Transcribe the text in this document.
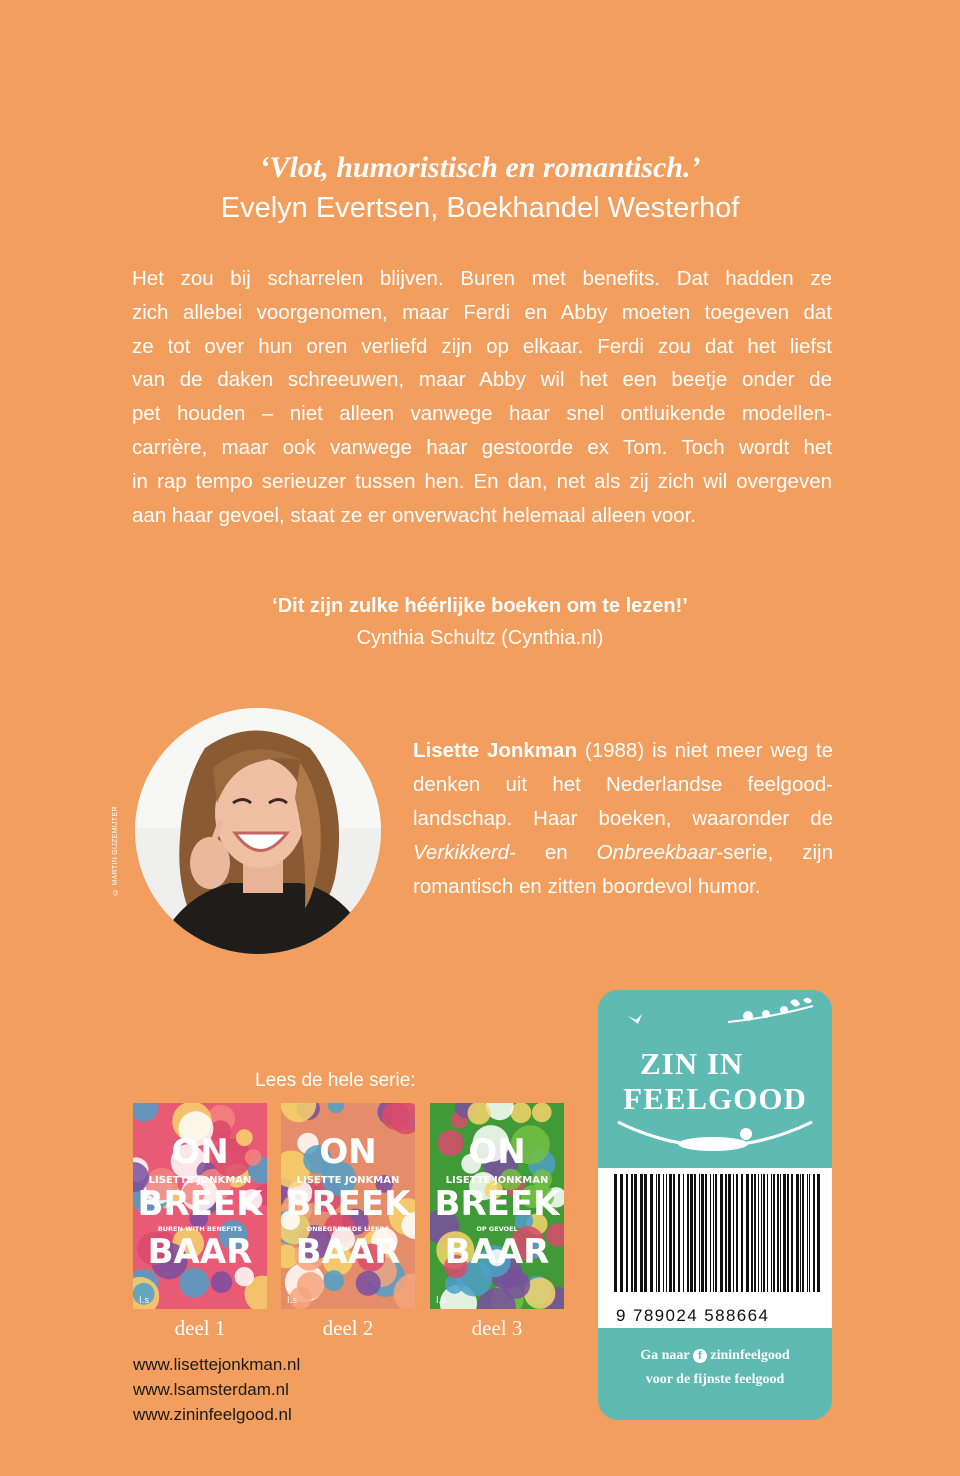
‘Vlot, humoristisch en romantisch.’
Evelyn Evertsen, Boekhandel Westerhof

Het zou bij scharrelen blijven. Buren met benefits. Dat hadden ze

zich allebei voorgenomen, maar Ferdi en Abby moeten toegeven dat

ze tot over hun oren verliefd zijn op elkaar. Ferdi zou dat het liefst

van de daken schreeuwen, maar Abby wil het een beetje onder de

pet houden – niet alleen vanwege haar snel ontluikende modellen-

carrière, maar ook vanwege haar gestoorde ex Tom. Toch wordt het

in rap tempo serieuzer tussen hen. En dan, net als zij zich wil overgeven

aan haar gevoel, staat ze er onverwacht helemaal alleen voor.

‘Dit zijn zulke héérlijke boeken om te lezen!’
Cynthia Schultz (Cynthia.nl)
© MARTIN GIJZEMIJTER
Lisette Jonkman (1988) is niet meer weg te denken uit het Nederlandse feelgood-landschap. Haar boeken, waaronder de Verkikkerd- en Onbreekbaar-serie, zijn romantisch en zitten boordevol humor.
Lees de hele serie:
ON
LISETTE JONKMAN
BREEK
BUREN WITH BENEFITS
BAAR
l.s
ON
LISETTE JONKMAN
BREEK
ONBEGRENSDE LIEFDE
BAAR
l.s
ON
LISETTE JONKMAN
BREEK
OP GEVOEL
BAAR
l.s
deel 1	deel 2	deel 3
www.lisettejonkman.nl
www.lsamsterdam.nl
www.zininfeelgood.nl
ZIN IN
FEELGOOD
9 789024 588664
Ga naar f zininfeelgood
voor de fijnste feelgood
